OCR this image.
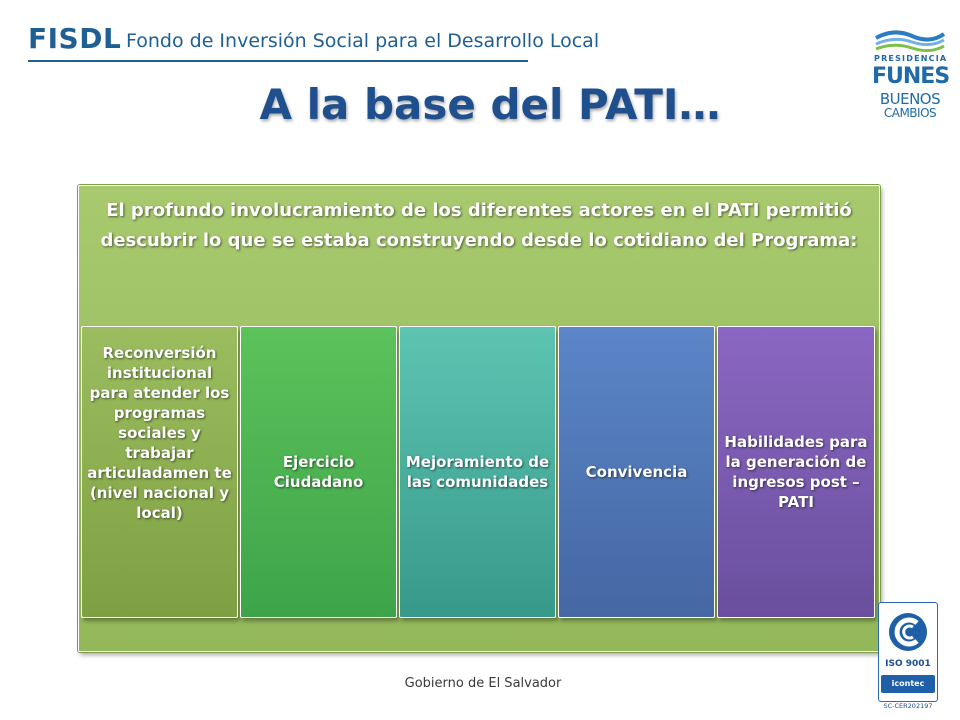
FISDL Fondo de Inversión Social para el Desarrollo Local
A la base del PATI…
PRESIDENCIA
FUNES
BUENOS
CAMBIOS
El profundo involucramiento de los diferentes actores en el PATI permitió descubrir lo que se estaba construyendo desde lo cotidiano del Programa:
Reconversión institucional para atender los programas sociales y trabajar articuladamen te (nivel nacional y local)
Ejercicio Ciudadano
Mejoramiento de las comunidades
Convivencia
Habilidades para la generación de ingresos post – PATI
ISO 9001
icontec
SC-CER202197
Gobierno de El Salvador
